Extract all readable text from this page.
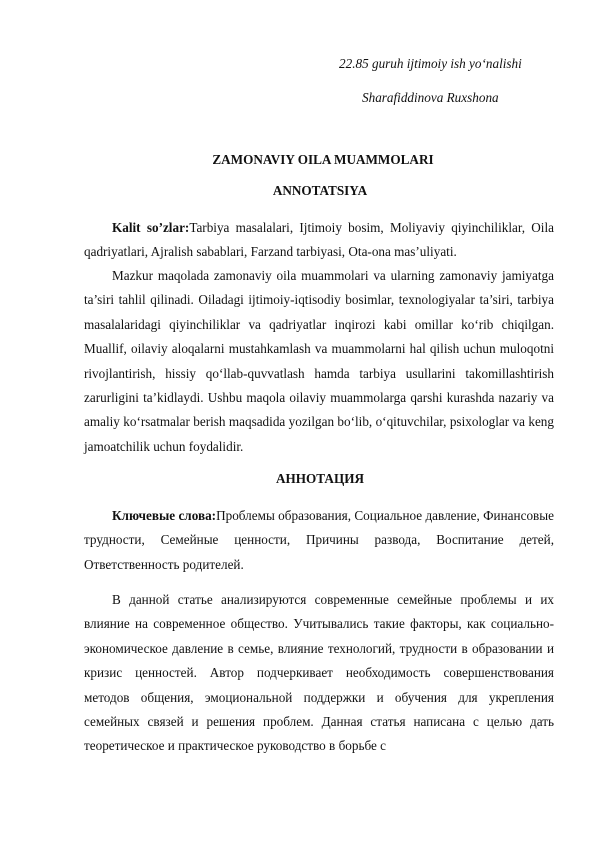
22.85 guruh ijtimoiy ish yo‘nalishi
Sharafiddinova Ruxshona
ZAMONAVIY OILA MUAMMOLARI
ANNOTATSIYA

Kalit so’zlar:Tarbiya masalalari, Ijtimoiy bosim, Moliyaviy qiyinchiliklar, Oila qadriyatlari, Ajralish sabablari, Farzand tarbiyasi, Ota-ona mas’uliyati.

Mazkur maqolada zamonaviy oila muammolari va ularning zamonaviy jamiyatga ta’siri tahlil qilinadi. Oiladagi ijtimoiy-iqtisodiy bosimlar, texnologiyalar ta’siri, tarbiya masalalaridagi qiyinchiliklar va qadriyatlar inqirozi kabi omillar ko‘rib chiqilgan. Muallif, oilaviy aloqalarni mustahkamlash va muammolarni hal qilish uchun muloqotni rivojlantirish, hissiy qo‘llab-quvvatlash hamda tarbiya usullarini takomillashtirish zarurligini ta’kidlaydi. Ushbu maqola oilaviy muammolarga qarshi kurashda nazariy va amaliy ko‘rsatmalar berish maqsadida yozilgan bo‘lib, o‘qituvchilar, psixologlar va keng jamoatchilik uchun foydalidir.

АННОТАЦИЯ

Ключевые слова:Проблемы образования, Социальное давление, Финансовые трудности, Семейные ценности, Причины развода, Воспитание детей, Ответственность родителей.

В данной статье анализируются современные семейные проблемы и их влияние на современное общество. Учитывались такие факторы, как социально-экономическое давление в семье, влияние технологий, трудности в образовании и кризис ценностей. Автор подчеркивает необходимость совершенствования методов общения, эмоциональной поддержки и обучения для укрепления семейных связей и решения проблем. Данная статья написана с целью дать теоретическое и практическое руководство в борьбе с
